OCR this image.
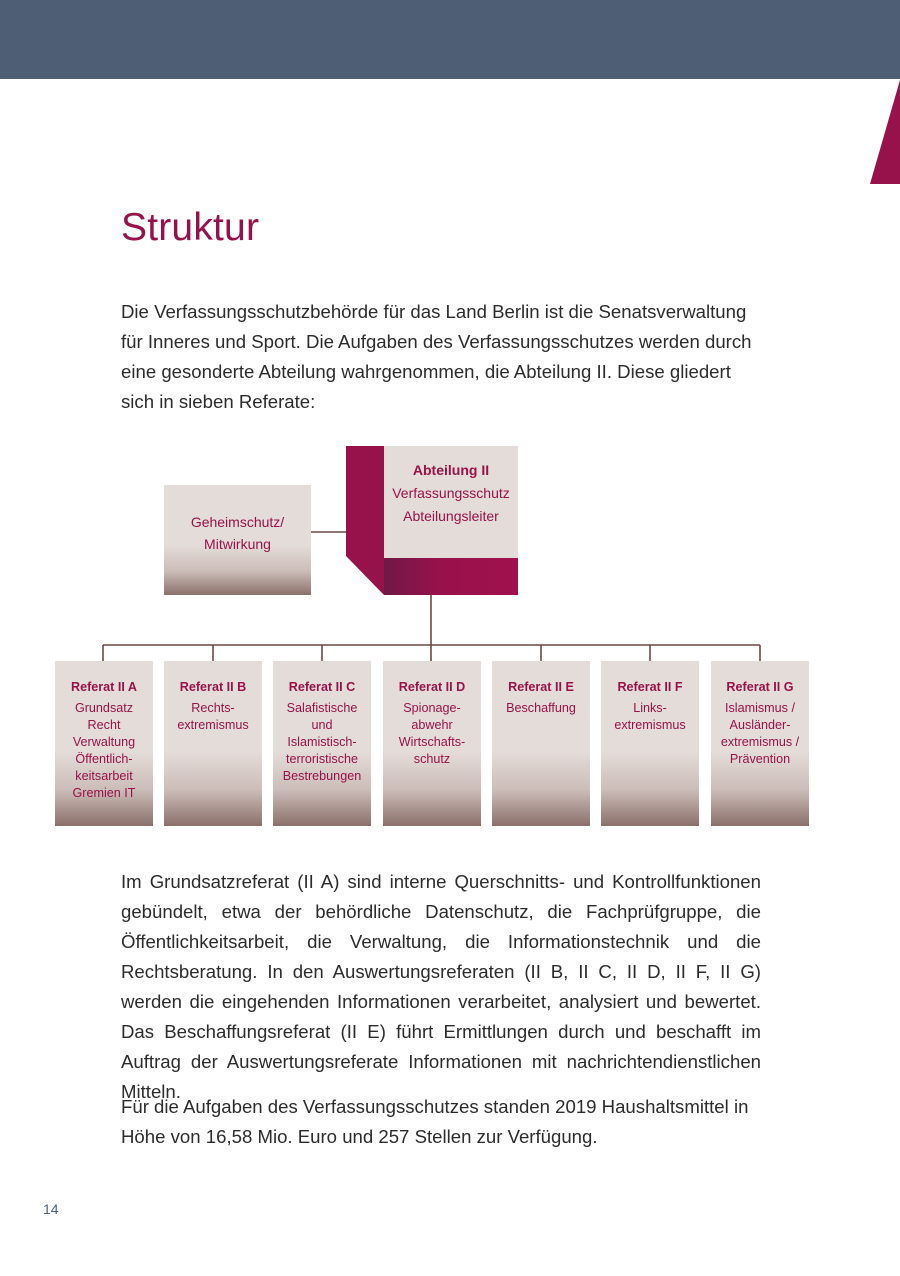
Struktur

Die Verfassungsschutzbehörde für das Land Berlin ist die Senatsverwaltung für Inneres und Sport. Die Aufgaben des Verfassungsschutzes werden durch eine gesonderte Abteilung wahrgenommen, die Abteilung II. Diese gliedert sich in sieben Referate:

Geheimschutz/
Mitwirkung
Abteilung II
Verfassungsschutz
Abteilungsleiter
Referat II A
Grundsatz
Recht
Verwaltung
Öffentlich-
keitsarbeit
Gremien IT
Referat II B
Rechts-
extremismus
Referat II C
Salafistische
und
Islamistisch-
terroristische
Bestrebungen
Referat II D
Spionage-
abwehr
Wirtschafts-
schutz
Referat II E
Beschaffung
Referat II F
Links-
extremismus
Referat II G
Islamismus /
Ausländer-
extremismus /
Prävention

Im Grundsatzreferat (II A) sind interne Querschnitts- und Kontrollfunktionen gebündelt, etwa der behördliche Datenschutz, die Fachprüfgruppe, die Öffentlichkeitsarbeit, die Verwaltung, die Informationstechnik und die Rechtsberatung. In den Auswertungsreferaten (II B, II C, II D, II F, II G) werden die eingehenden Informationen verarbeitet, analysiert und bewertet. Das Beschaffungsreferat (II E) führt Ermittlungen durch und beschafft im Auftrag der Auswertungsreferate Informationen mit nachrichtendienstlichen Mitteln.

Für die Aufgaben des Verfassungsschutzes standen 2019 Haushaltsmittel in Höhe von 16,58 Mio. Euro und 257 Stellen zur Verfügung.

14
